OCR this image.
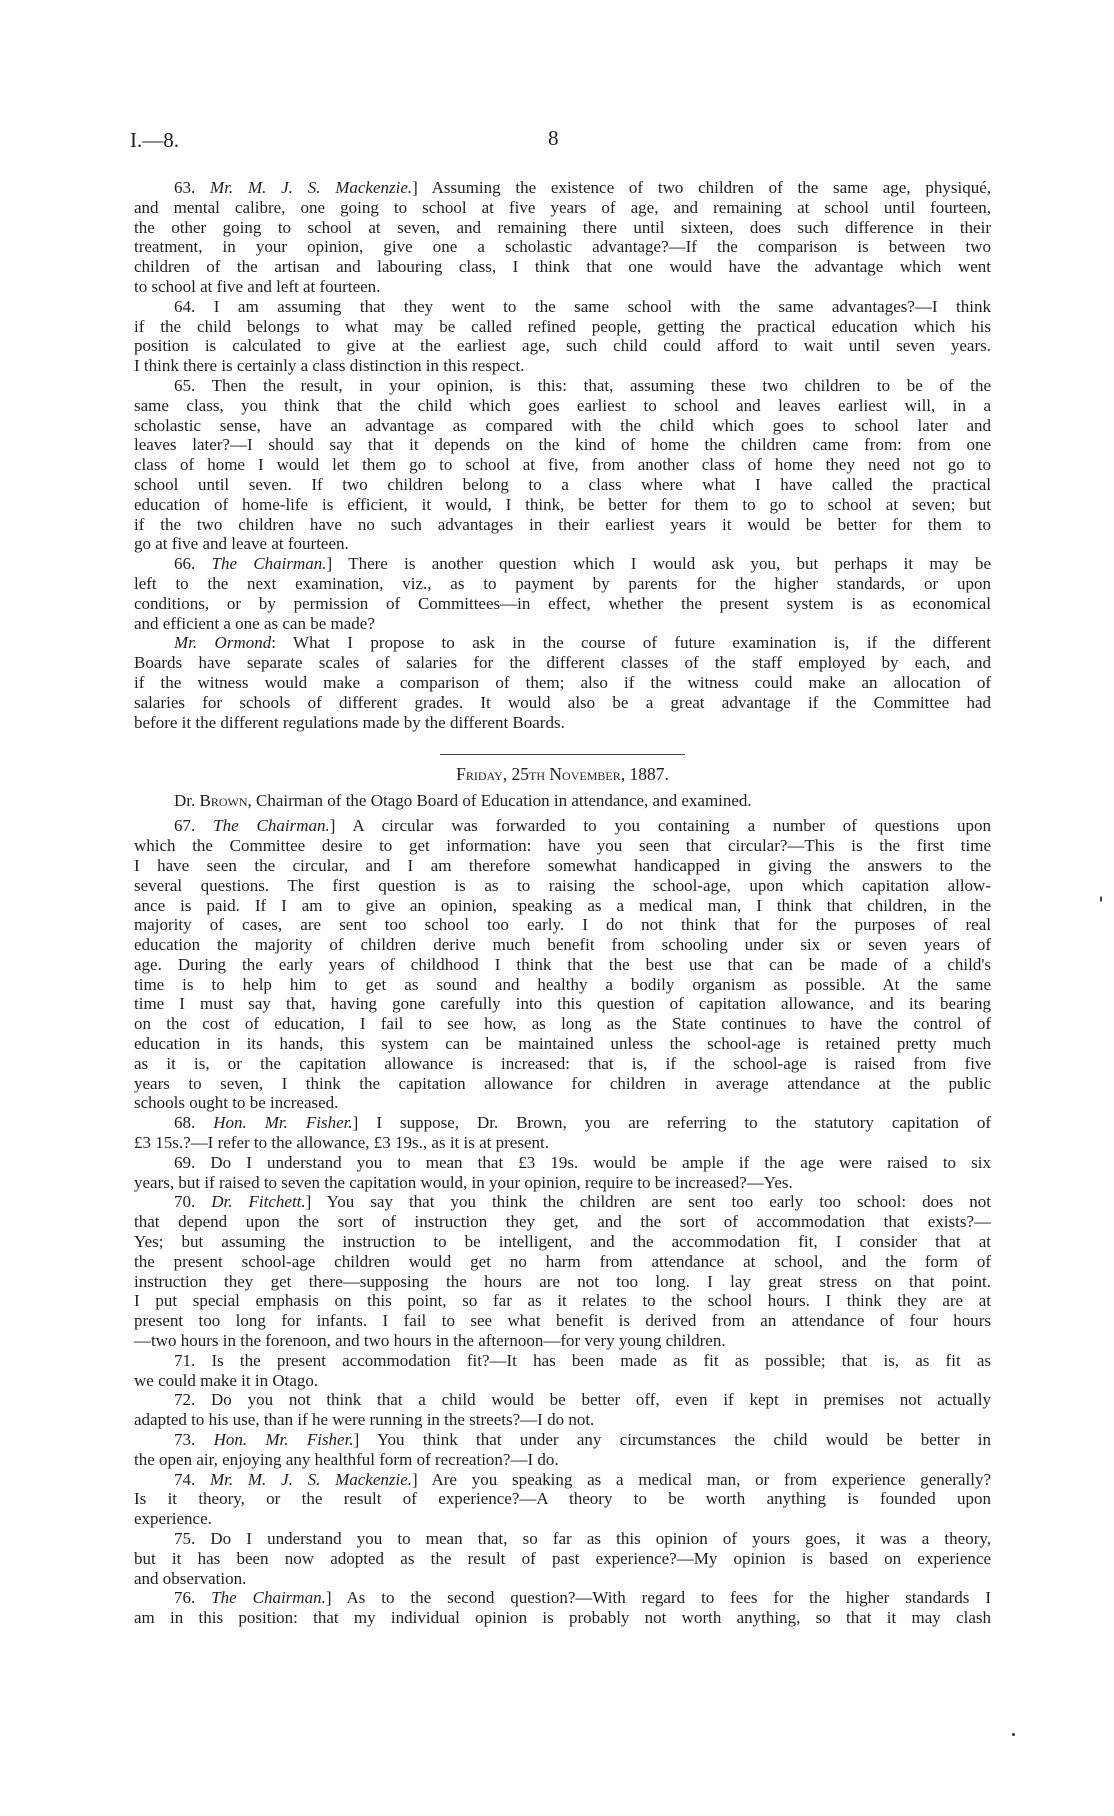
I.—8.	8
63. Mr. M. J. S. Mackenzie.] Assuming the existence of two children of the same age, physiqué,
and mental calibre, one going to school at five years of age, and remaining at school until fourteen,
the other going to school at seven, and remaining there until sixteen, does such difference in their
treatment, in your opinion, give one a scholastic advantage?—If the comparison is between two
children of the artisan and labouring class, I think that one would have the advantage which went
to school at five and left at fourteen.
64. I am assuming that they went to the same school with the same advantages?—I think
if the child belongs to what may be called refined people, getting the practical education which his
position is calculated to give at the earliest age, such child could afford to wait until seven years.
I think there is certainly a class distinction in this respect.
65. Then the result, in your opinion, is this: that, assuming these two children to be of the
same class, you think that the child which goes earliest to school and leaves earliest will, in a
scholastic sense, have an advantage as compared with the child which goes to school later and
leaves later?—I should say that it depends on the kind of home the children came from: from one
class of home I would let them go to school at five, from another class of home they need not go to
school until seven. If two children belong to a class where what I have called the practical
education of home-life is efficient, it would, I think, be better for them to go to school at seven; but
if the two children have no such advantages in their earliest years it would be better for them to
go at five and leave at fourteen.
66. The Chairman.] There is another question which I would ask you, but perhaps it may be
left to the next examination, viz., as to payment by parents for the higher standards, or upon
conditions, or by permission of Committees—in effect, whether the present system is as economical
and efficient a one as can be made?
Mr. Ormond: What I propose to ask in the course of future examination is, if the different
Boards have separate scales of salaries for the different classes of the staff employed by each, and
if the witness would make a comparison of them; also if the witness could make an allocation of
salaries for schools of different grades. It would also be a great advantage if the Committee had
before it the different regulations made by the different Boards.
Friday, 25th November, 1887.
Dr. Brown, Chairman of the Otago Board of Education in attendance, and examined.
67. The Chairman.] A circular was forwarded to you containing a number of questions upon
which the Committee desire to get information: have you seen that circular?—This is the first time
I have seen the circular, and I am therefore somewhat handicapped in giving the answers to the
several questions. The first question is as to raising the school-age, upon which capitation allow-
ance is paid. If I am to give an opinion, speaking as a medical man, I think that children, in the
majority of cases, are sent too school too early. I do not think that for the purposes of real
education the majority of children derive much benefit from schooling under six or seven years of
age. During the early years of childhood I think that the best use that can be made of a child's
time is to help him to get as sound and healthy a bodily organism as possible. At the same
time I must say that, having gone carefully into this question of capitation allowance, and its bearing
on the cost of education, I fail to see how, as long as the State continues to have the control of
education in its hands, this system can be maintained unless the school-age is retained pretty much
as it is, or the capitation allowance is increased: that is, if the school-age is raised from five
years to seven, I think the capitation allowance for children in average attendance at the public
schools ought to be increased.
68. Hon. Mr. Fisher.] I suppose, Dr. Brown, you are referring to the statutory capitation of
£3 15s.?—I refer to the allowance, £3 19s., as it is at present.
69. Do I understand you to mean that £3 19s. would be ample if the age were raised to six
years, but if raised to seven the capitation would, in your opinion, require to be increased?—Yes.
70. Dr. Fitchett.] You say that you think the children are sent too early too school: does not
that depend upon the sort of instruction they get, and the sort of accommodation that exists?—
Yes; but assuming the instruction to be intelligent, and the accommodation fit, I consider that at
the present school-age children would get no harm from attendance at school, and the form of
instruction they get there—supposing the hours are not too long. I lay great stress on that point.
I put special emphasis on this point, so far as it relates to the school hours. I think they are at
present too long for infants. I fail to see what benefit is derived from an attendance of four hours
—two hours in the forenoon, and two hours in the afternoon—for very young children.
71. Is the present accommodation fit?—It has been made as fit as possible; that is, as fit as
we could make it in Otago.
72. Do you not think that a child would be better off, even if kept in premises not actually
adapted to his use, than if he were running in the streets?—I do not.
73. Hon. Mr. Fisher.] You think that under any circumstances the child would be better in
the open air, enjoying any healthful form of recreation?—I do.
74. Mr. M. J. S. Mackenzie.] Are you speaking as a medical man, or from experience generally?
Is it theory, or the result of experience?—A theory to be worth anything is founded upon
experience.
75. Do I understand you to mean that, so far as this opinion of yours goes, it was a theory,
but it has been now adopted as the result of past experience?—My opinion is based on experience
and observation.
76. The Chairman.] As to the second question?—With regard to fees for the higher standards I
am in this position: that my individual opinion is probably not worth anything, so that it may clash
